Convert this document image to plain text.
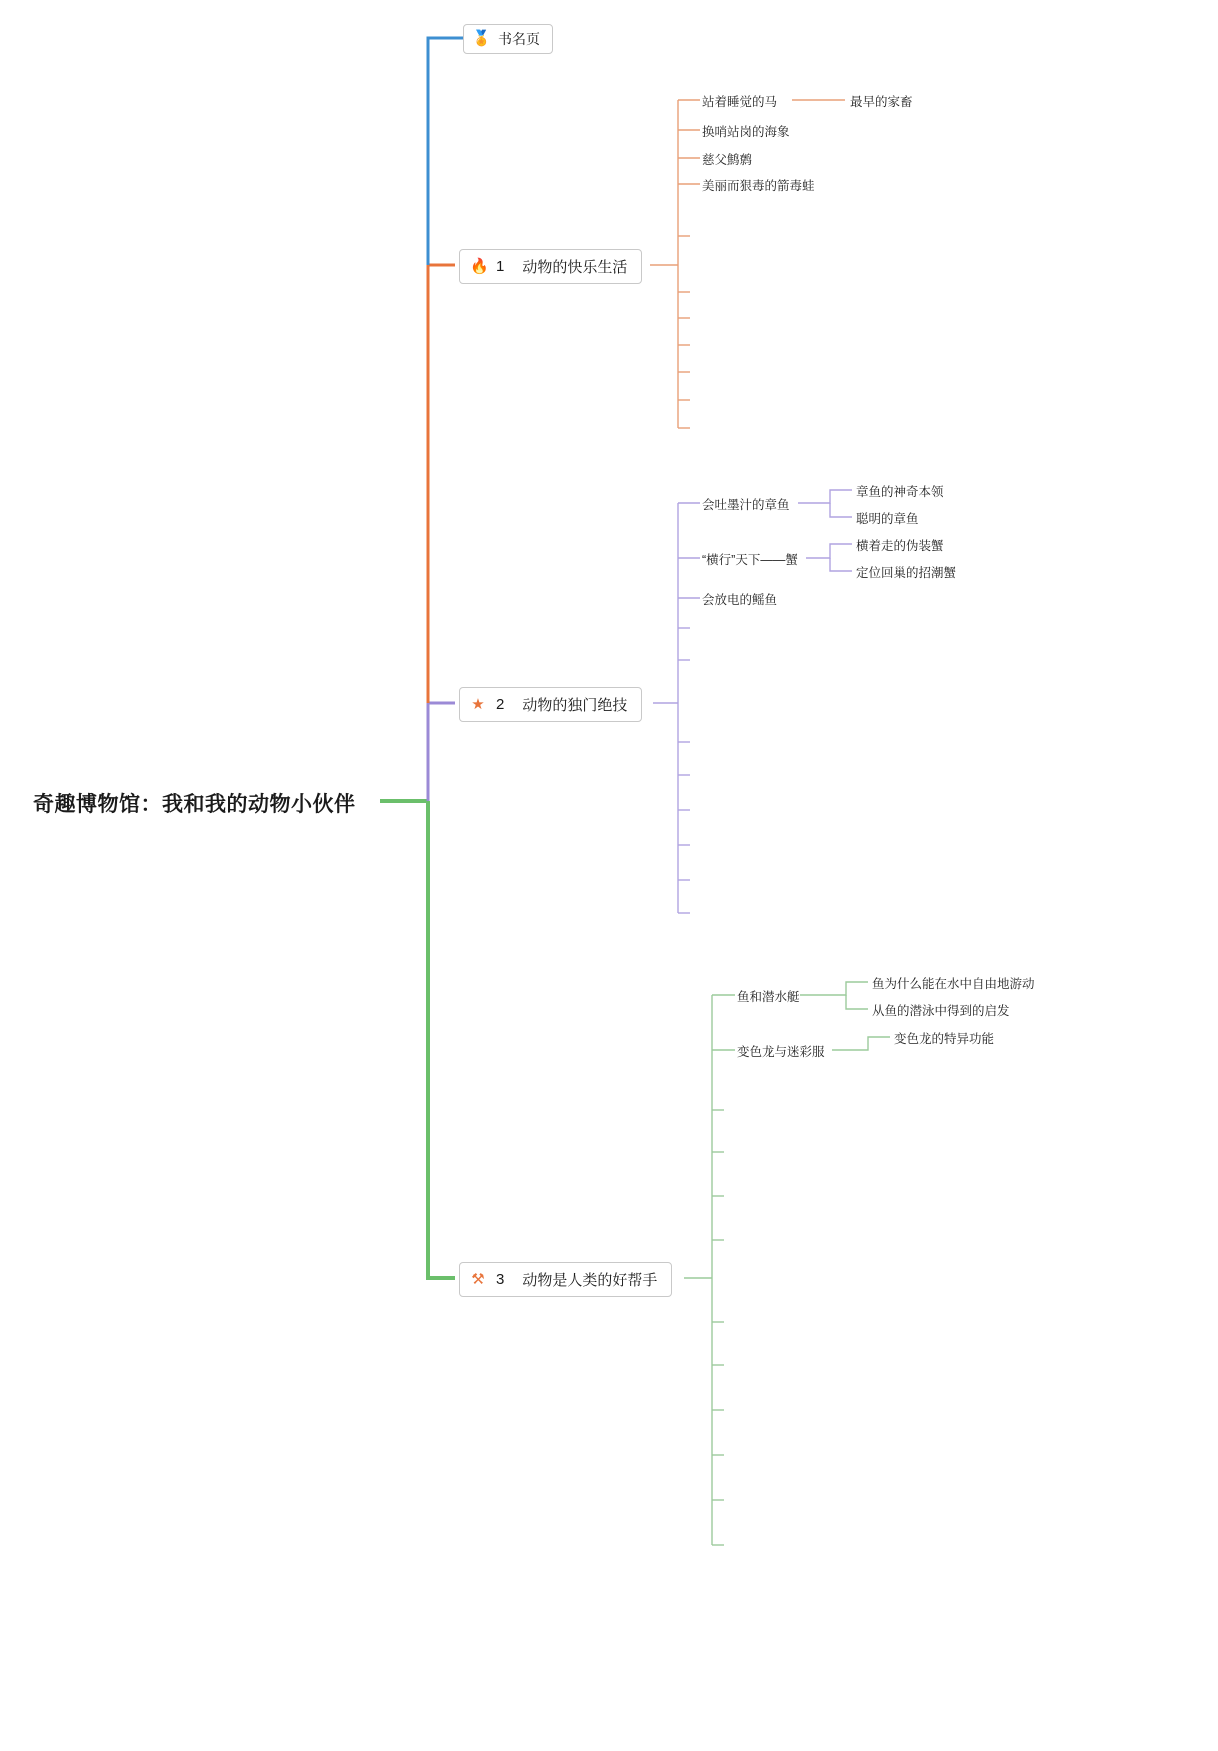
奇趣博物馆：我和我的动物小伙伴
🏅 书名页
🔥 1 动物的快乐生活
站着睡觉的马	最早的家畜
换哨站岗的海象
慈父鹪鹩
美丽而狠毒的箭毒蛙
★ 2 动物的独门绝技
会吐墨汁的章鱼
章鱼的神奇本领
聪明的章鱼
“横行”天下——蟹
横着走的伪装蟹
定位回巢的招潮蟹
会放电的鳐鱼
⚒ 3 动物是人类的好帮手
鱼和潜水艇
鱼为什么能在水中自由地游动
从鱼的潜泳中得到的启发
变色龙与迷彩服
变色龙的特异功能
